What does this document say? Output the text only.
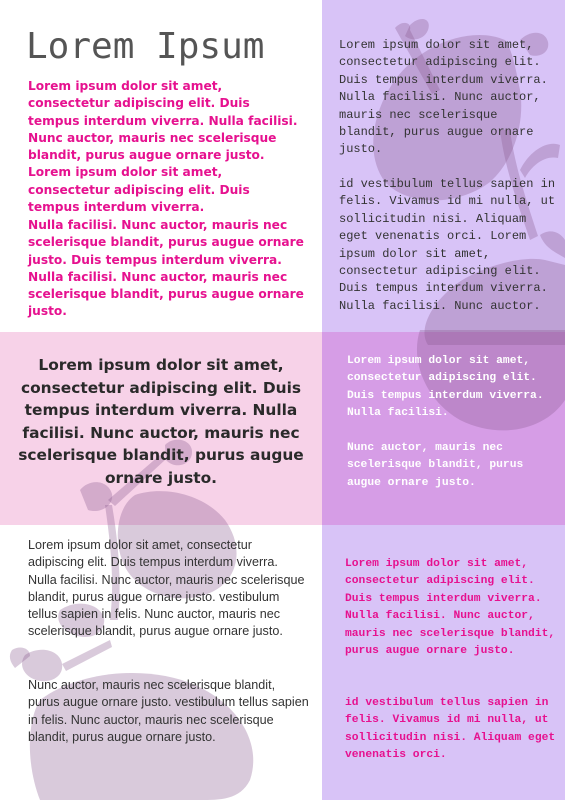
Lorem Ipsum

Lorem ipsum dolor sit amet, consectetur adipiscing elit. Duis tempus interdum viverra. Nulla facilisi. Nunc auctor, mauris nec scelerisque blandit, purus augue ornare justo. Lorem ipsum dolor sit amet, consectetur adipiscing elit. Duis tempus interdum viverra.

Nulla facilisi. Nunc auctor, mauris nec scelerisque blandit, purus augue ornare justo. Duis tempus interdum viverra. Nulla facilisi. Nunc auctor, mauris nec scelerisque blandit, purus augue ornare justo.

Lorem ipsum dolor sit amet, consectetur adipiscing elit. Duis tempus interdum viverra. Nulla facilisi. Nunc auctor, mauris nec scelerisque blandit, purus augue ornare justo.

id vestibulum tellus sapien in felis. Vivamus id mi nulla, ut sollicitudin nisi. Aliquam eget venenatis orci. Lorem ipsum dolor sit amet, consectetur adipiscing elit. Duis tempus interdum viverra. Nulla facilisi. Nunc auctor.

Lorem ipsum dolor sit amet, consectetur adipiscing elit. Duis tempus interdum viverra. Nulla facilisi. Nunc auctor, mauris nec scelerisque blandit, purus augue ornare justo.

Lorem ipsum dolor sit amet, consectetur adipiscing elit. Duis tempus interdum viverra. Nulla facilisi.

Nunc auctor, mauris nec scelerisque blandit, purus augue ornare justo.

Lorem ipsum dolor sit amet, consectetur adipiscing elit. Duis tempus interdum viverra. Nulla facilisi. Nunc auctor, mauris nec scelerisque blandit, purus augue ornare justo. vestibulum tellus sapien in felis. Nunc auctor, mauris nec scelerisque blandit, purus augue ornare justo.

Nunc auctor, mauris nec scelerisque blandit, purus augue ornare justo. vestibulum tellus sapien in felis. Nunc auctor, mauris nec scelerisque blandit, purus augue ornare justo.

Lorem ipsum dolor sit amet, consectetur adipiscing elit. Duis tempus interdum viverra. Nulla facilisi. Nunc auctor, mauris nec scelerisque blandit, purus augue ornare justo.

id vestibulum tellus sapien in felis. Vivamus id mi nulla, ut sollicitudin nisi. Aliquam eget venenatis orci.
